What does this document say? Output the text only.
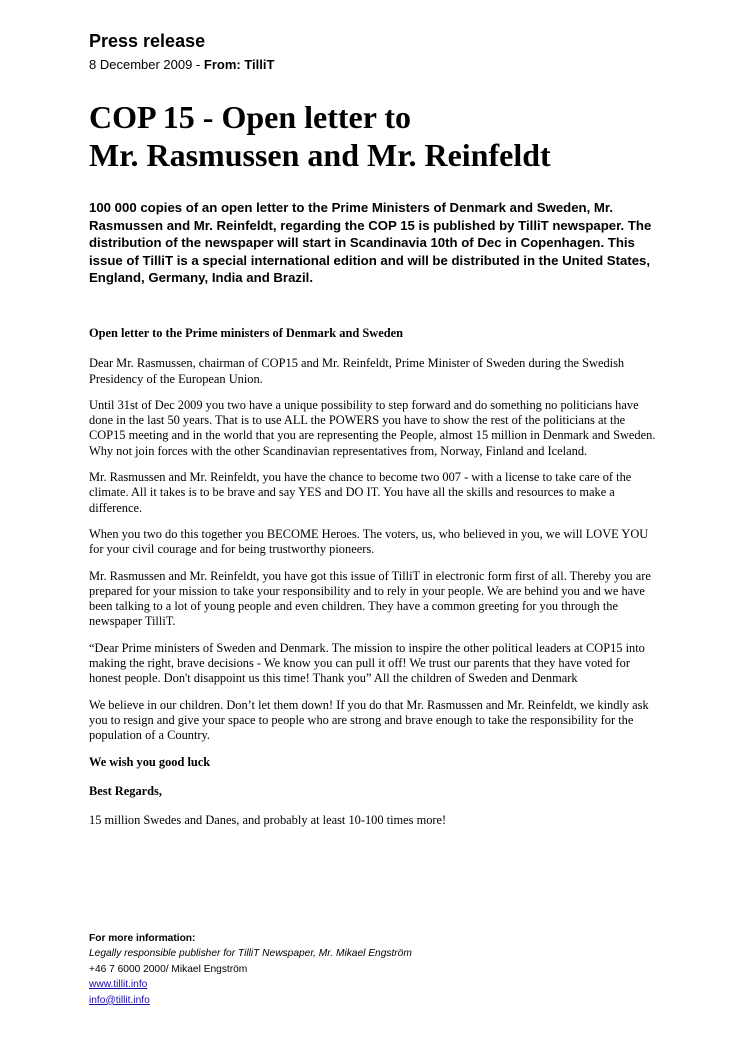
Press release
8 December 2009 - From: TilliT
COP 15 - Open letter to
Mr. Rasmussen and Mr. Reinfeldt

100 000 copies of an open letter to the Prime Ministers of Denmark and Sweden, Mr. Rasmussen and Mr. Reinfeldt, regarding the COP 15 is published by TilliT newspaper. The distribution of the newspaper will start in Scandinavia 10th of Dec in Copenhagen. This issue of TilliT is a special international edition and will be distributed in the United States, England, Germany, India and Brazil.

Open letter to the Prime ministers of Denmark and Sweden

Dear Mr. Rasmussen, chairman of COP15 and Mr. Reinfeldt, Prime Minister of Sweden during the Swedish Presidency of the European Union.

Until 31st of Dec 2009 you two have a unique possibility to step forward and do something no politicians have done in the last 50 years. That is to use ALL the POWERS you have to show the rest of the politicians at the COP15 meeting and in the world that you are representing the People, almost 15 million in Denmark and Sweden. Why not join forces with the other Scandinavian representatives from, Norway, Finland and Iceland.

Mr. Rasmussen and Mr. Reinfeldt, you have the chance to become two 007 - with a license to take care of the climate. All it takes is to be brave and say YES and DO IT. You have all the skills and resources to make a difference.

When you two do this together you BECOME Heroes. The voters, us, who believed in you, we will LOVE YOU for your civil courage and for being trustworthy pioneers.

Mr. Rasmussen and Mr. Reinfeldt, you have got this issue of TilliT in electronic form first of all. Thereby you are prepared for your mission to take your responsibility and to rely in your people. We are behind you and we have been talking to a lot of young people and even children. They have a common greeting for you through the newspaper TilliT.

“Dear Prime ministers of Sweden and Denmark. The mission to inspire the other political leaders at COP15 into making the right, brave decisions - We know you can pull it off! We trust our parents that they have voted for honest people. Don't disappoint us this time! Thank you” All the children of Sweden and Denmark

We believe in our children. Don’t let them down! If you do that Mr. Rasmussen and Mr. Reinfeldt, we kindly ask you to resign and give your space to people who are strong and brave enough to take the responsibility for the population of a Country.

We wish you good luck

Best Regards,

15 million Swedes and Danes, and probably at least 10-100 times more!

For more information:
Legally responsible publisher for TilliT Newspaper, Mr. Mikael Engström
+46 7 6000 2000/ Mikael Engström
www.tillit.info
info@tillit.info
